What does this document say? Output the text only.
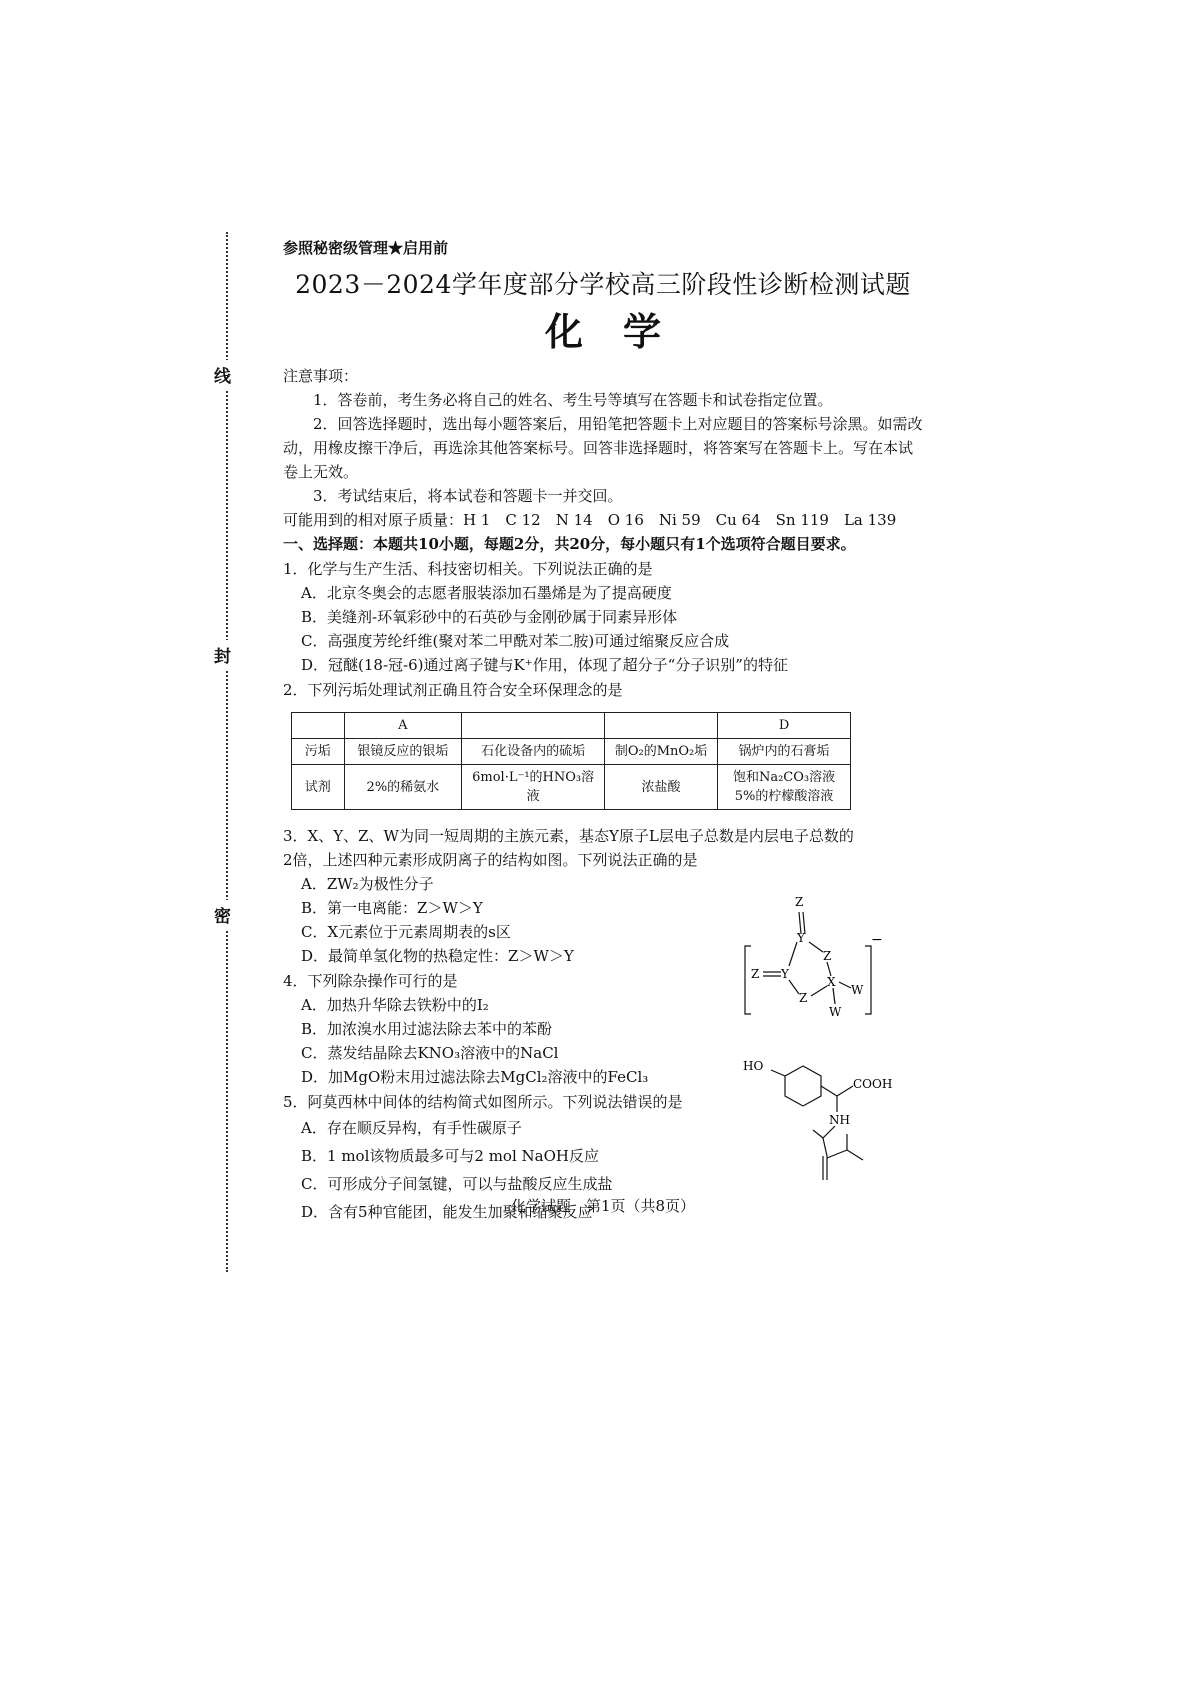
线
封
密
参照秘密级管理★启用前
2023－2024学年度部分学校高三阶段性诊断检测试题
化学
注意事项：

1．答卷前，考生务必将自己的姓名、考生号等填写在答题卡和试卷指定位置。

2．回答选择题时，选出每小题答案后，用铅笔把答题卡上对应题目的答案标号涂黑。如需改动，用橡皮擦干净后，再选涂其他答案标号。回答非选择题时，将答案写在答题卡上。写在本试卷上无效。

3．考试结束后，将本试卷和答题卡一并交回。

可能用到的相对原子质量：H 1　C 12　N 14　O 16　Ni 59　Cu 64　Sn 119　La 139

一、选择题：本题共10小题，每题2分，共20分，每小题只有1个选项符合题目要求。

1．化学与生产生活、科技密切相关。下列说法正确的是
A．北京冬奥会的志愿者服装添加石墨烯是为了提高硬度
B．美缝剂-环氧彩砂中的石英砂与金刚砂属于同素异形体
C．高强度芳纶纤维(聚对苯二甲酰对苯二胺)可通过缩聚反应合成
D．冠醚(18-冠-6)通过离子键与K⁺作用，体现了超分子“分子识别”的特征
2．下列污垢处理试剂正确且符合安全环保理念的是
	A			D
污垢	银镜反应的银垢	石化设备内的硫垢	制O₂的MnO₂垢	锅炉内的石膏垢
试剂	2%的稀氨水	6mol·L⁻¹的HNO₃溶液	浓盐酸	饱和Na₂CO₃溶液
5%的柠檬酸溶液
3．X、Y、Z、W为同一短周期的主族元素，基态Y原子L层电子总数是内层电子总数的2倍，上述四种元素形成阴离子的结构如图。下列说法正确的是
A．ZW₂为极性分子
B．第一电离能：Z＞W＞Y
C．X元素位于元素周期表的s区
D．最简单氢化物的热稳定性：Z＞W＞Y
4．下列除杂操作可行的是
A．加热升华除去铁粉中的I₂
B．加浓溴水用过滤法除去苯中的苯酚
C．蒸发结晶除去KNO₃溶液中的NaCl
D．加MgO粉末用过滤法除去MgCl₂溶液中的FeCl₃
5．阿莫西林中间体的结构简式如图所示。下列说法错误的是
A．存在顺反异构，有手性碳原子
B．1 mol该物质最多可与2 mol NaOH反应
C．可形成分子间氢键，可以与盐酸反应生成盐
D．含有5种官能团，能发生加聚和缩聚反应
Z
Y
Z
Z Y
X
W
Z
W
−
HO
COOH
NH
化学试题　第1页（共8页）
